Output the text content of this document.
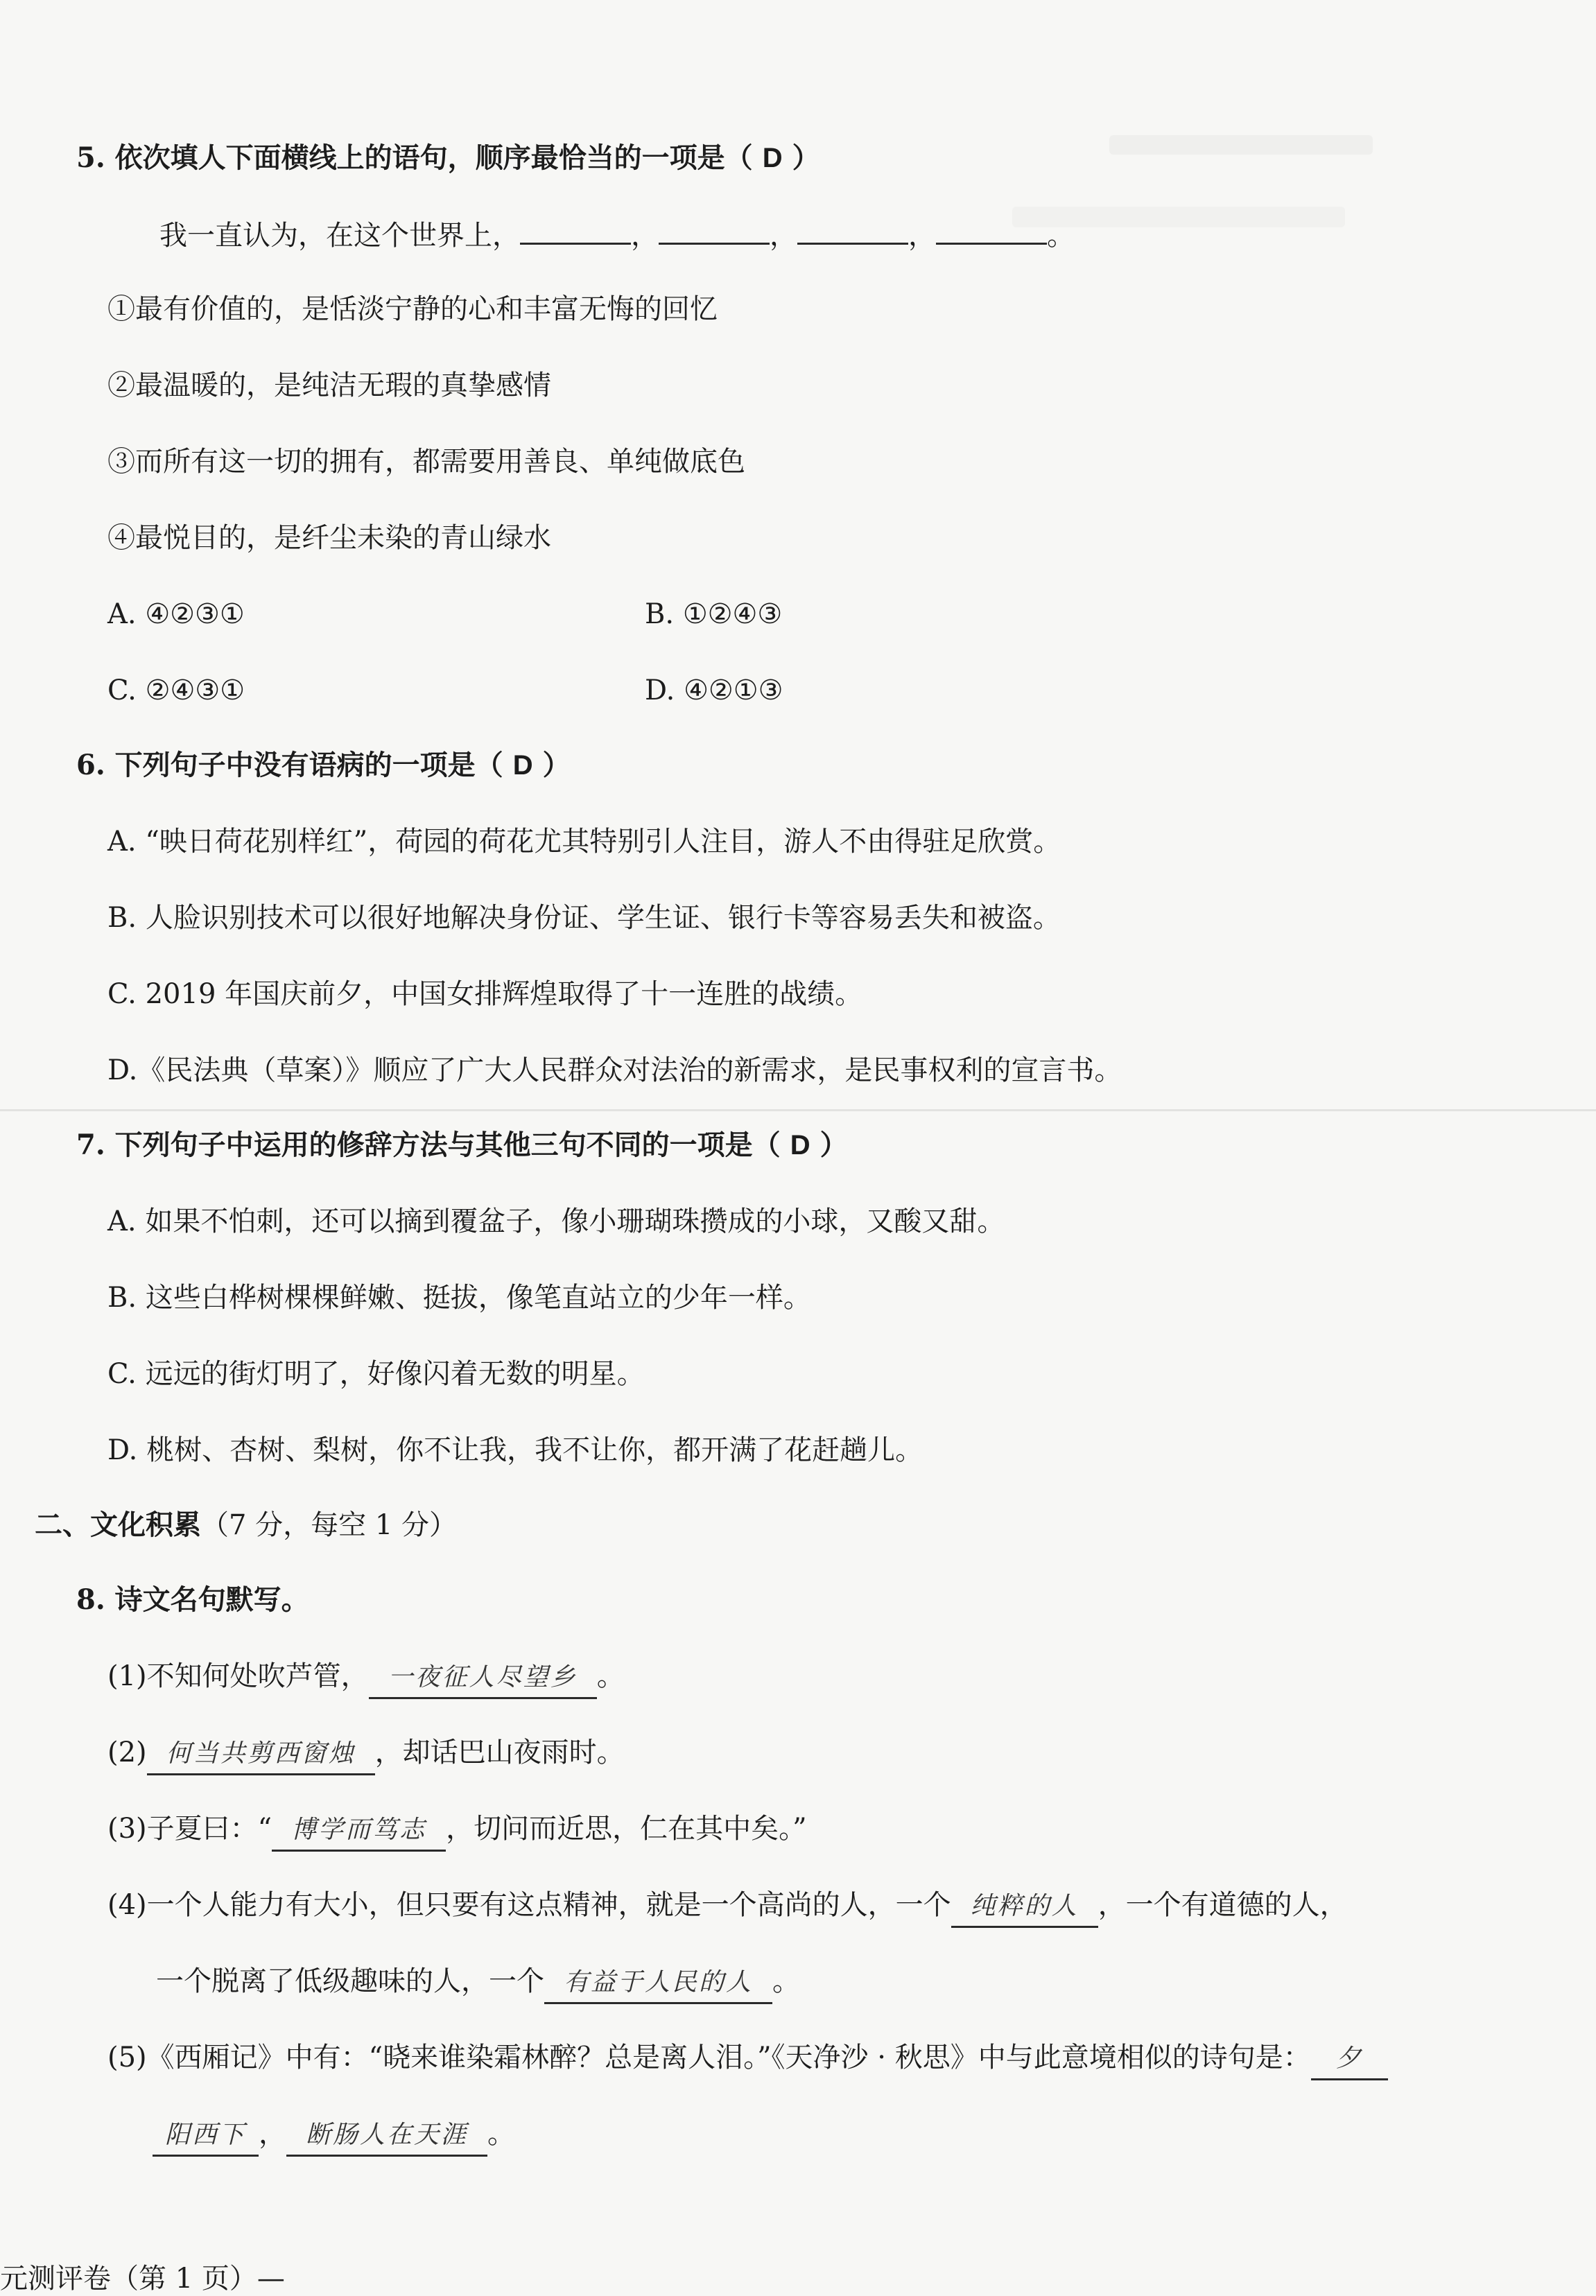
5. 依次填人下面横线上的语句，顺序最恰当的一项是（ D ）
我一直认为，在这个世界上，	，	，	，	。
①最有价值的，是恬淡宁静的心和丰富无悔的回忆
②最温暖的，是纯洁无瑕的真挚感情
③而所有这一切的拥有，都需要用善良、单纯做底色
④最悦目的，是纤尘未染的青山绿水
A. ④②③①	B. ①②④③
C. ②④③①	D. ④②①③
6. 下列句子中没有语病的一项是（ D ）
A. “映日荷花别样红”，荷园的荷花尤其特别引人注目，游人不由得驻足欣赏。
B. 人脸识别技术可以很好地解决身份证、学生证、银行卡等容易丢失和被盗。
C. 2019 年国庆前夕，中国女排辉煌取得了十一连胜的战绩。
D.《民法典（草案）》顺应了广大人民群众对法治的新需求，是民事权利的宣言书。
7. 下列句子中运用的修辞方法与其他三句不同的一项是（ D ）
A. 如果不怕刺，还可以摘到覆盆子，像小珊瑚珠攒成的小球，又酸又甜。
B. 这些白桦树棵棵鲜嫩、挺拔，像笔直站立的少年一样。
C. 远远的街灯明了，好像闪着无数的明星。
D. 桃树、杏树、梨树，你不让我，我不让你，都开满了花赶趟儿。
二、文化积累（7 分，每空 1 分）
8. 诗文名句默写。
(1)不知何处吹芦管， 一夜征人尽望乡 。
(2) 何当共剪西窗烛 ，却话巴山夜雨时。
(3)子夏曰：“ 博学而笃志 ，切问而近思，仁在其中矣。”
(4)一个人能力有大小，但只要有这点精神，就是一个高尚的人，一个 纯粹的人 ，一个有道德的人，
一个脱离了低级趣味的人，一个 有益于人民的人 。
(5)《西厢记》中有：“晓来谁染霜林醉？总是离人泪。”《天净沙 · 秋思》中与此意境相似的诗句是： 夕
阳西下 ， 断肠人在天涯 。
元测评卷（第 1 页）—
